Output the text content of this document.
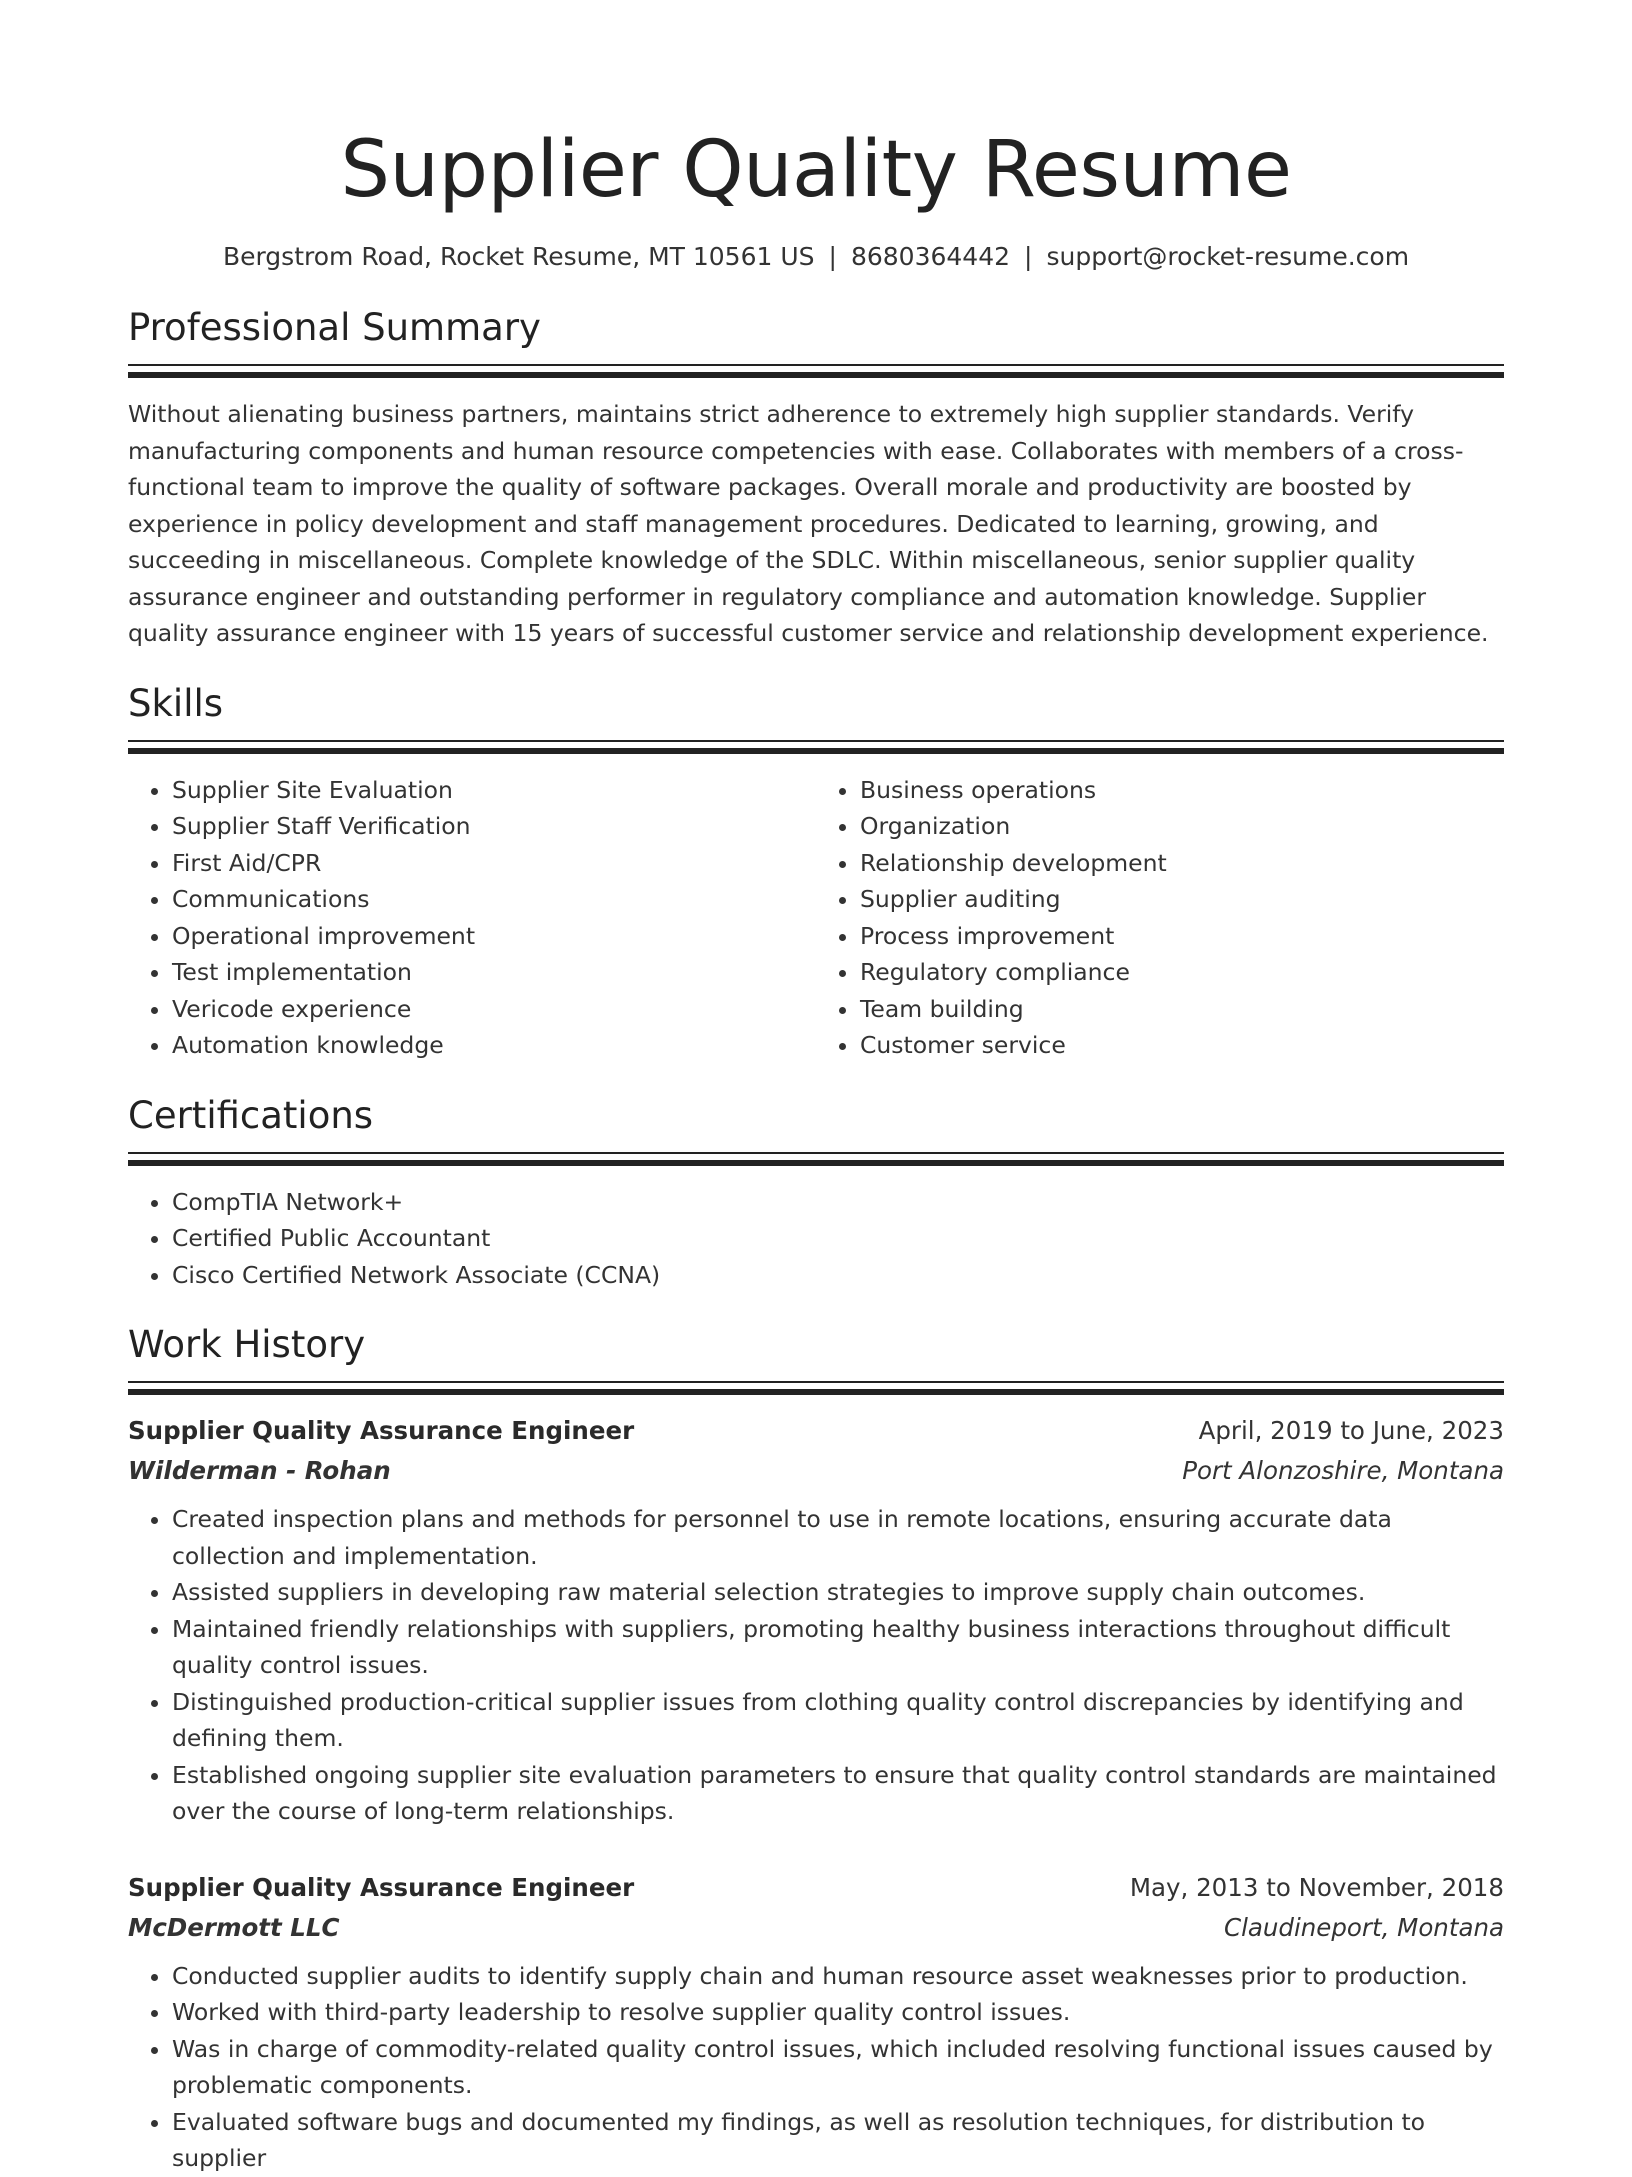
Supplier Quality Resume
Bergstrom Road, Rocket Resume, MT 10561 US | 8680364442 | support@rocket-resume.com
Professional Summary

Without alienating business partners, maintains strict adherence to extremely high supplier standards. Verify manufacturing components and human resource competencies with ease. Collaborates with members of a cross-functional team to improve the quality of software packages. Overall morale and productivity are boosted by experience in policy development and staff management procedures. Dedicated to learning, growing, and succeeding in miscellaneous. Complete knowledge of the SDLC. Within miscellaneous, senior supplier quality assurance engineer and outstanding performer in regulatory compliance and automation knowledge. Supplier quality assurance engineer with 15 years of successful customer service and relationship development experience.

Skills
• Supplier Site Evaluation
• Supplier Staff Verification
• First Aid/CPR
• Communications
• Operational improvement
• Test implementation
• Vericode experience
• Automation knowledge
• Business operations
• Organization
• Relationship development
• Supplier auditing
• Process improvement
• Regulatory compliance
• Team building
• Customer service
Certifications
• CompTIA Network+
• Certified Public Accountant
• Cisco Certified Network Associate (CCNA)
Work History
Supplier Quality Assurance Engineer	April, 2019 to June, 2023
Wilderman - Rohan	Port Alonzoshire, Montana
• Created inspection plans and methods for personnel to use in remote locations, ensuring accurate data collection and implementation.
• Assisted suppliers in developing raw material selection strategies to improve supply chain outcomes.
• Maintained friendly relationships with suppliers, promoting healthy business interactions throughout difficult quality control issues.
• Distinguished production-critical supplier issues from clothing quality control discrepancies by identifying and defining them.
• Established ongoing supplier site evaluation parameters to ensure that quality control standards are maintained over the course of long-term relationships.
Supplier Quality Assurance Engineer	May, 2013 to November, 2018
McDermott LLC	Claudineport, Montana
• Conducted supplier audits to identify supply chain and human resource asset weaknesses prior to production.
• Worked with third-party leadership to resolve supplier quality control issues.
• Was in charge of commodity-related quality control issues, which included resolving functional issues caused by problematic components.
• Evaluated software bugs and documented my findings, as well as resolution techniques, for distribution to supplier
